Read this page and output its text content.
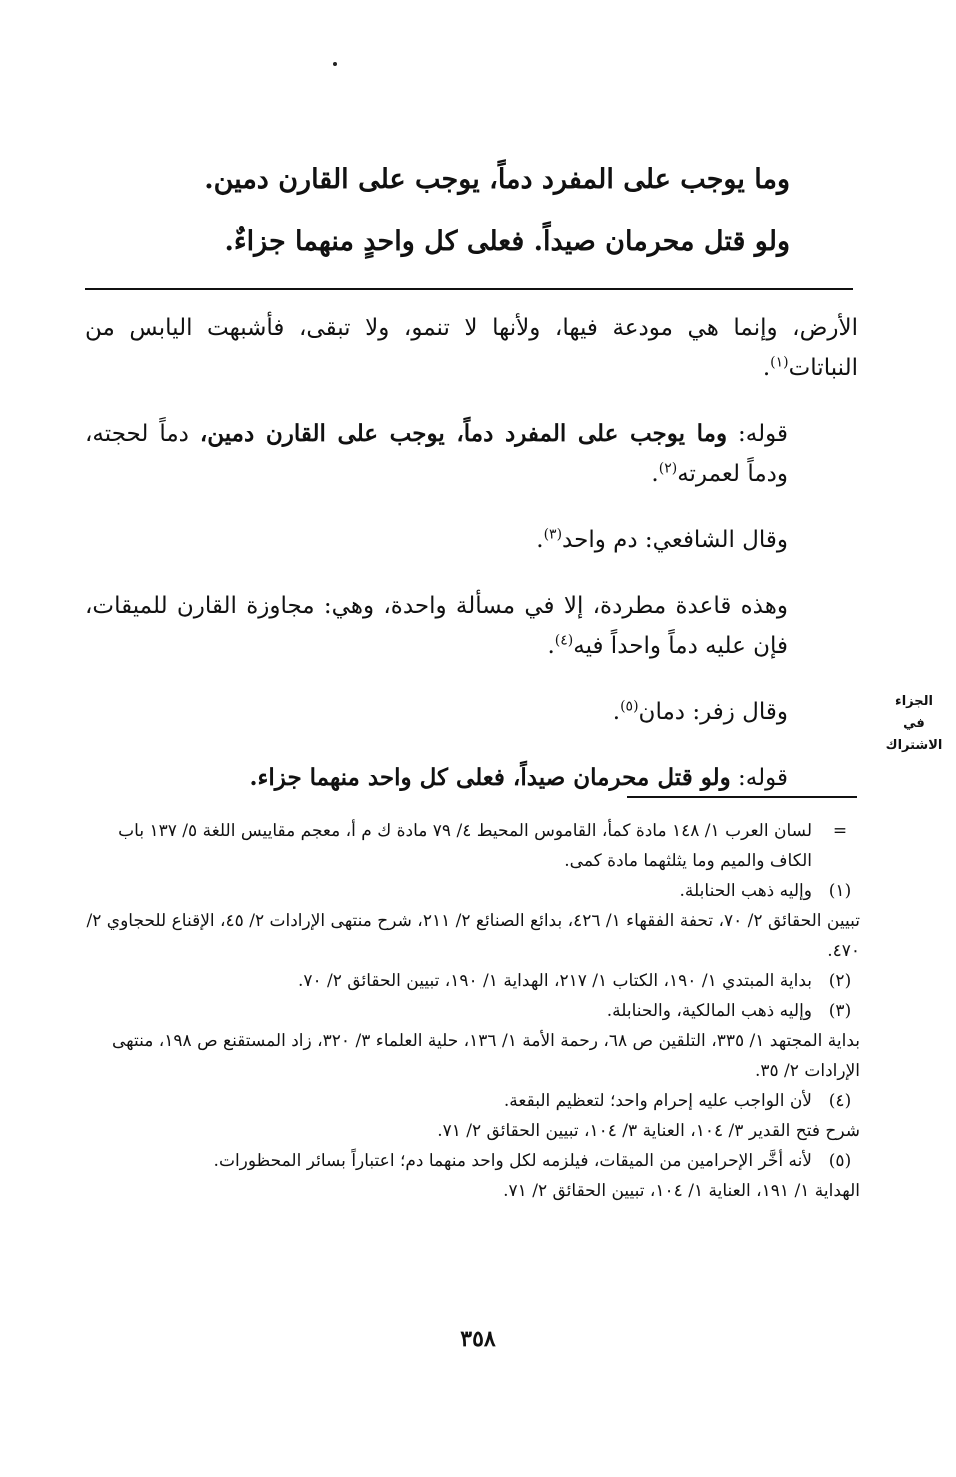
وما يوجب على المفرد دماً، يوجب على القارن دمين.
ولو قتل محرمان صيداً. فعلى كل واحدٍ منهما جزاءٌ.

الأرض، وإنما هي مودعة فيها، ولأنها لا تنمو، ولا تبقى، فأشبهت اليابس من النباتات$^{(١)}$.

قوله: وما يوجب على المفرد دماً، يوجب على القارن دمين، دماً لحجته، ودماً لعمرته$^{(٢)}$.

وقال الشافعي: دم واحد$^{(٣)}$.

وهذه قاعدة مطردة، إلا في مسألة واحدة، وهي: مجاوزة القارن للميقات، فإن عليه دماً واحداً فيه$^{(٤)}$.

وقال زفر: دمان$^{(٥)}$.

قوله: ولو قتل محرمان صيداً، فعلى كل واحد منهما جزاء.

الجزاء
في
الاشتراك
=
لسان العرب ١/ ١٤٨ مادة كمأ، القاموس المحيط ٤/ ٧٩ مادة ك م أ، معجم مقاييس اللغة ٥/ ١٣٧ باب الكاف والميم وما يثلثهما مادة كمى.
(١)
وإليه ذهب الحنابلة.
تبيين الحقائق ٢/ ٧٠، تحفة الفقهاء ١/ ٤٢٦، بدائع الصنائع ٢/ ٢١١، شرح منتهى الإرادات ٢/ ٤٥، الإقناع للحجاوي ٢/ ٤٧٠.
(٢)
بداية المبتدي ١/ ١٩٠، الكتاب ١/ ٢١٧، الهداية ١/ ١٩٠، تبيين الحقائق ٢/ ٧٠.
(٣)
وإليه ذهب المالكية، والحنابلة.
بداية المجتهد ١/ ٣٣٥، التلقين ص ٦٨، رحمة الأمة ١/ ١٣٦، حلية العلماء ٣/ ٣٢٠، زاد المستقنع ص ١٩٨، منتهى الإرادات ٢/ ٣٥.
(٤)
لأن الواجب عليه إحرام واحد؛ لتعظيم البقعة.
شرح فتح القدير ٣/ ١٠٤، العناية ٣/ ١٠٤، تبيين الحقائق ٢/ ٧١.
(٥)
لأنه أخَّر الإحرامين من الميقات، فيلزمه لكل واحد منهما دم؛ اعتباراً بسائر المحظورات.
الهداية ١/ ١٩١، العناية ١/ ١٠٤، تبيين الحقائق ٢/ ٧١.
٣٥٨
